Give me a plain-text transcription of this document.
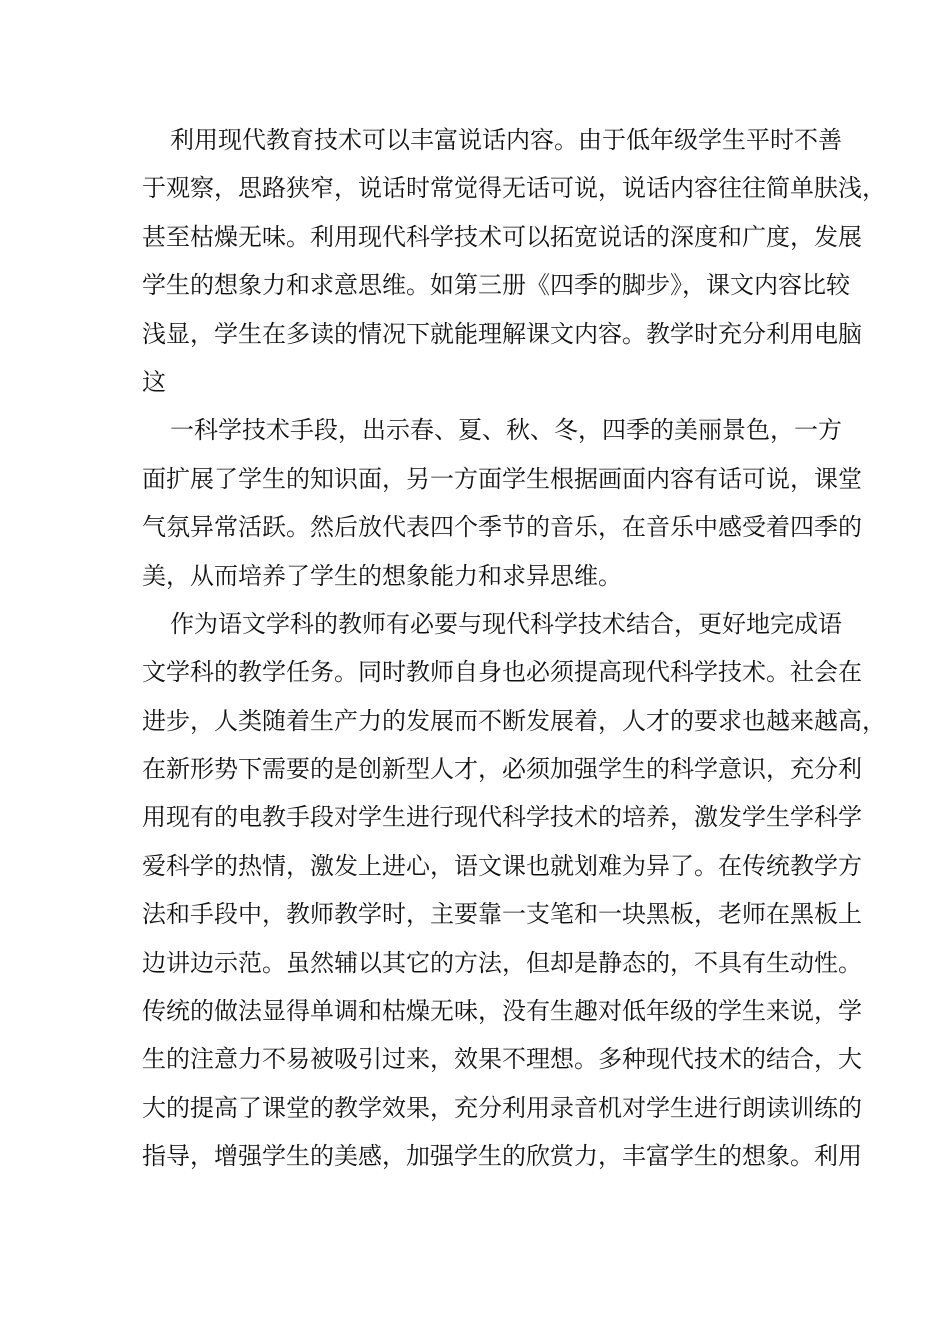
利用现代教育技术可以丰富说话内容。由于低年级学生平时不善
于观察，思路狭窄，说话时常觉得无话可说，说话内容往往简单肤浅，
甚至枯燥无味。利用现代科学技术可以拓宽说话的深度和广度，发展
学生的想象力和求意思维。如第三册《四季的脚步》，课文内容比较
浅显，学生在多读的情况下就能理解课文内容。教学时充分利用电脑
这
一科学技术手段，出示春、夏、秋、冬，四季的美丽景色，一方
面扩展了学生的知识面，另一方面学生根据画面内容有话可说，课堂
气氛异常活跃。然后放代表四个季节的音乐，在音乐中感受着四季的
美，从而培养了学生的想象能力和求异思维。
作为语文学科的教师有必要与现代科学技术结合，更好地完成语
文学科的教学任务。同时教师自身也必须提高现代科学技术。社会在
进步，人类随着生产力的发展而不断发展着，人才的要求也越来越高，
在新形势下需要的是创新型人才，必须加强学生的科学意识，充分利
用现有的电教手段对学生进行现代科学技术的培养，激发学生学科学
爱科学的热情，激发上进心，语文课也就划难为异了。在传统教学方
法和手段中，教师教学时，主要靠一支笔和一块黑板，老师在黑板上
边讲边示范。虽然辅以其它的方法，但却是静态的，不具有生动性。
传统的做法显得单调和枯燥无味，没有生趣对低年级的学生来说，学
生的注意力不易被吸引过来，效果不理想。多种现代技术的结合，大
大的提高了课堂的教学效果，充分利用录音机对学生进行朗读训练的
指导，增强学生的美感，加强学生的欣赏力，丰富学生的想象。利用
